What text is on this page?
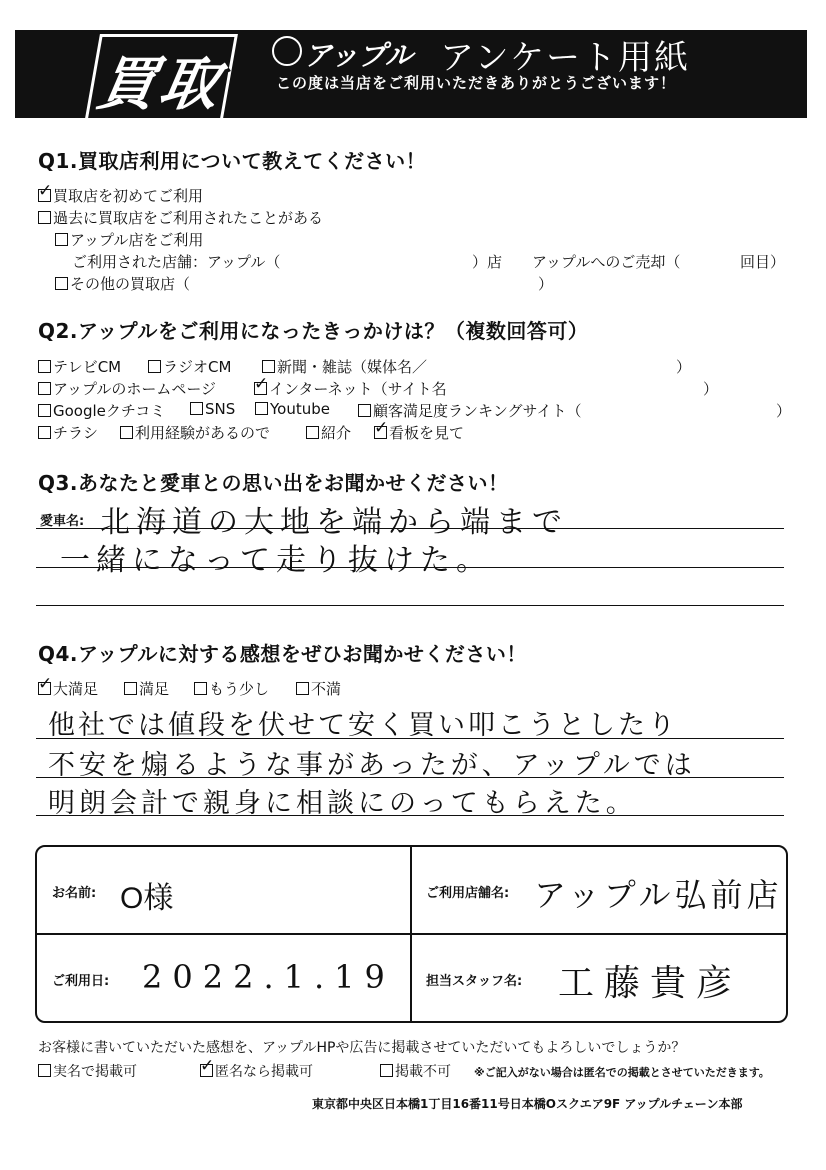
買取	アップル アンケート用紙
この度は当店をご利用いただきありがとうございます！
Q1.買取店利用について教えてください！
✓買取店を初めてご利用
過去に買取店をご利用されたことがある
アップル店をご利用
ご利用された店舗：アップル（	）店 アップルへのご売却（	回目）
その他の買取店（	）
Q2.アップルをご利用になったきっかけは？（複数回答可）
テレビCM	ラジオCM	新聞・雑誌（媒体名／	）
アップルのホームページ ✓	インターネット（サイト名	）
Googleクチコミ	SNS	Youtube	顧客満足度ランキングサイト（	）
チラシ	利用経験があるので	紹介 ✓	看板を見て
Q3.あなたと愛車との思い出をお聞かせください！
愛車名: 北海道の大地を端から端まで
一緒になって走り抜けた。
Q4.アップルに対する感想をぜひお聞かせください！
✓大満足	満足	もう少し	不満
他社では値段を伏せて安く買い叩こうとしたり
不安を煽るような事があったが、アップルでは
明朗会計で親身に相談にのってもらえた。
お名前: O様	ご利用店舗名: アップル弘前店
ご利用日: 2022.1.19 担当スタッフ名: 工藤貴彦
お客様に書いていただいた感想を、アップルHPや広告に掲載させていただいてもよろしいでしょうか？
実名で掲載可 ✓	匿名なら掲載可	掲載不可 ※ご記入がない場合は匿名での掲載とさせていただきます。
東京都中央区日本橋1丁目16番11号日本橋Oスクエア9F アップルチェーン本部
